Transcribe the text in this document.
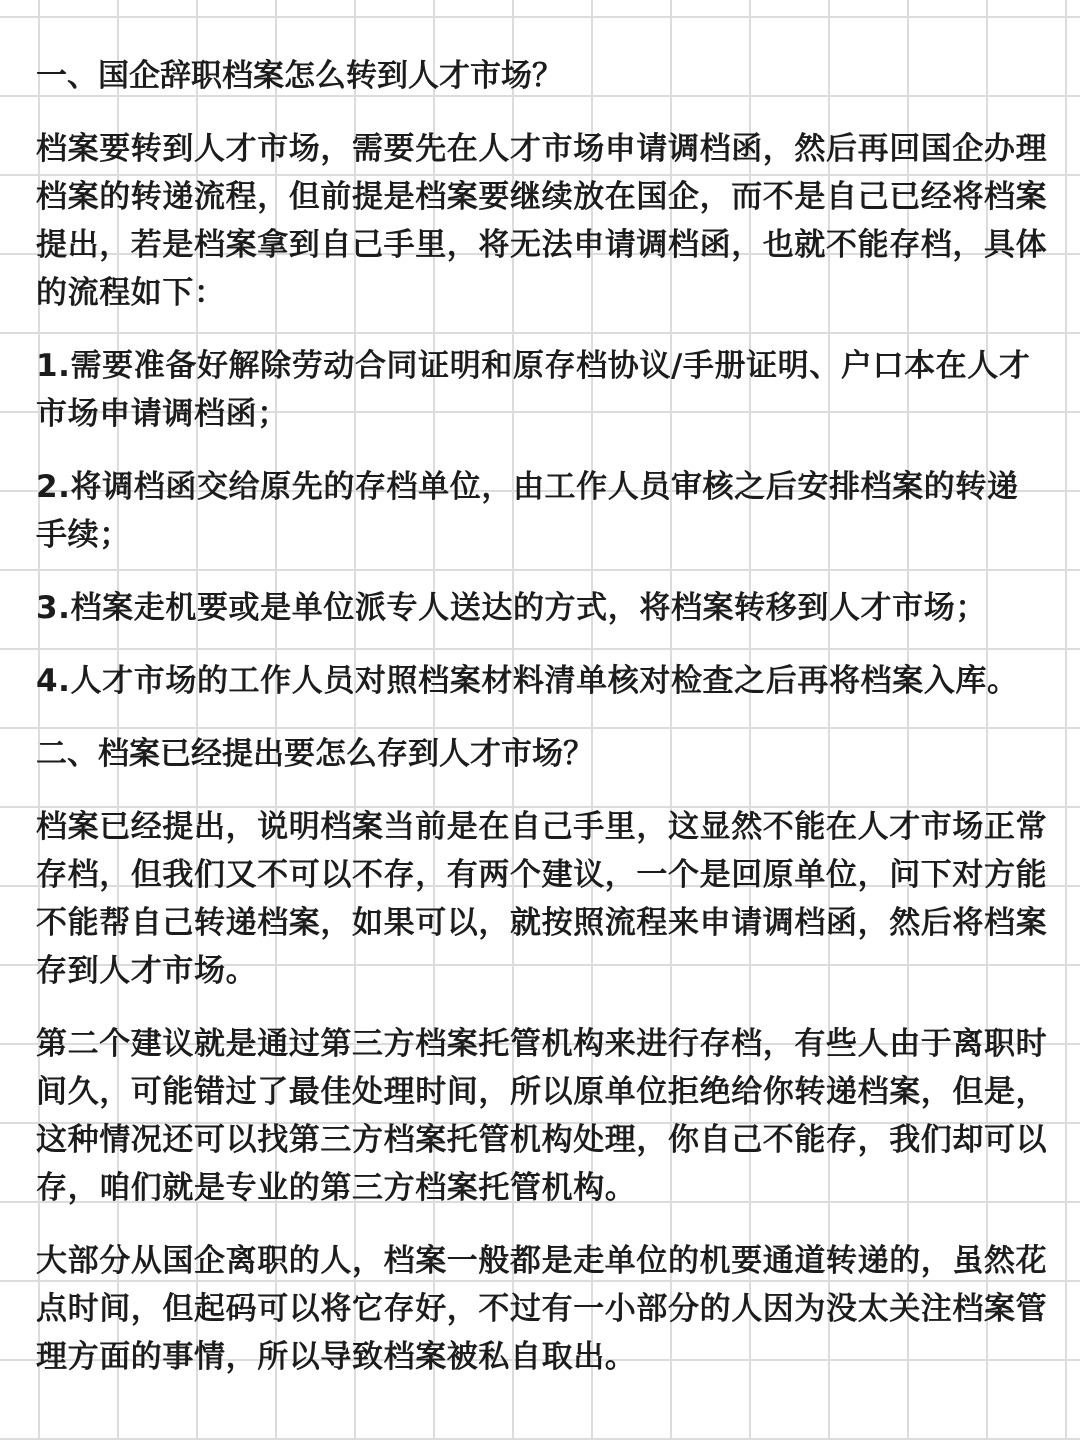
一、国企辞职档案怎么转到人才市场？

档案要转到人才市场，需要先在人才市场申请调档函，然后再回国企办理档案的转递流程，但前提是档案要继续放在国企，而不是自己已经将档案提出，若是档案拿到自己手里，将无法申请调档函，也就不能存档，具体的流程如下：

1.需要准备好解除劳动合同证明和原存档协议/手册证明、户口本在人才市场申请调档函；

2.将调档函交给原先的存档单位，由工作人员审核之后安排档案的转递手续；

3.档案走机要或是单位派专人送达的方式，将档案转移到人才市场；

4.人才市场的工作人员对照档案材料清单核对检查之后再将档案入库。

二、档案已经提出要怎么存到人才市场？

档案已经提出，说明档案当前是在自己手里，这显然不能在人才市场正常存档，但我们又不可以不存，有两个建议，一个是回原单位，问下对方能不能帮自己转递档案，如果可以，就按照流程来申请调档函，然后将档案存到人才市场。

第二个建议就是通过第三方档案托管机构来进行存档，有些人由于离职时间久，可能错过了最佳处理时间，所以原单位拒绝给你转递档案，但是，这种情况还可以找第三方档案托管机构处理，你自己不能存，我们却可以存，咱们就是专业的第三方档案托管机构。

大部分从国企离职的人，档案一般都是走单位的机要通道转递的，虽然花点时间，但起码可以将它存好，不过有一小部分的人因为没太关注档案管理方面的事情，所以导致档案被私自取出。
